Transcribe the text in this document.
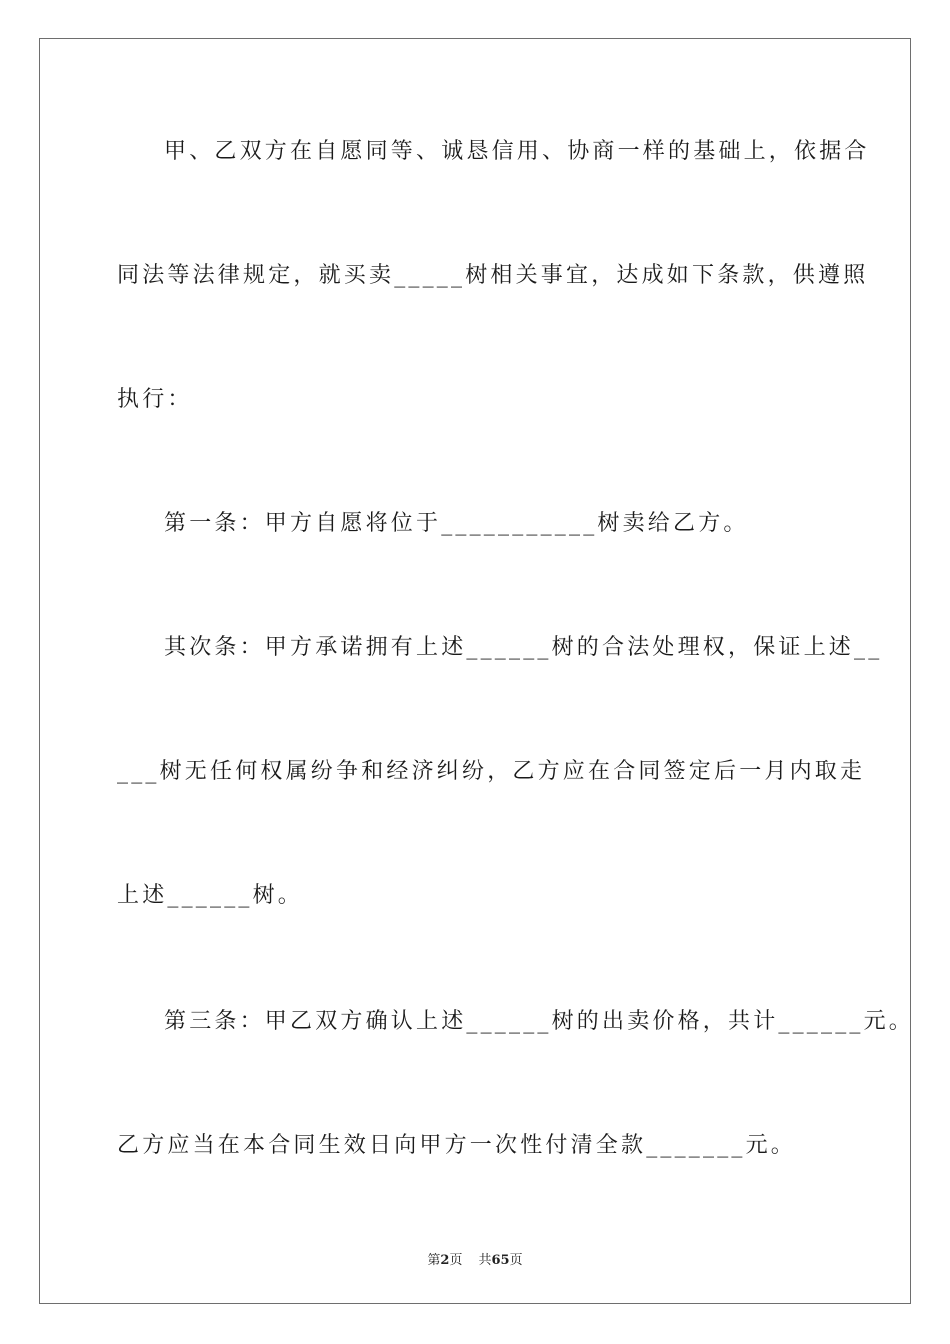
甲、乙双方在自愿同等、诚恳信用、协商一样的基础上，依据合
同法等法律规定，就买卖_____树相关事宜，达成如下条款，供遵照
执行：
第一条：甲方自愿将位于___________树卖给乙方。
其次条：甲方承诺拥有上述______树的合法处理权，保证上述__
___树无任何权属纷争和经济纠纷，乙方应在合同签定后一月内取走
上述______树。
第三条：甲乙双方确认上述______树的出卖价格，共计______元。
乙方应当在本合同生效日向甲方一次性付清全款_______元。
第2页 共65页
